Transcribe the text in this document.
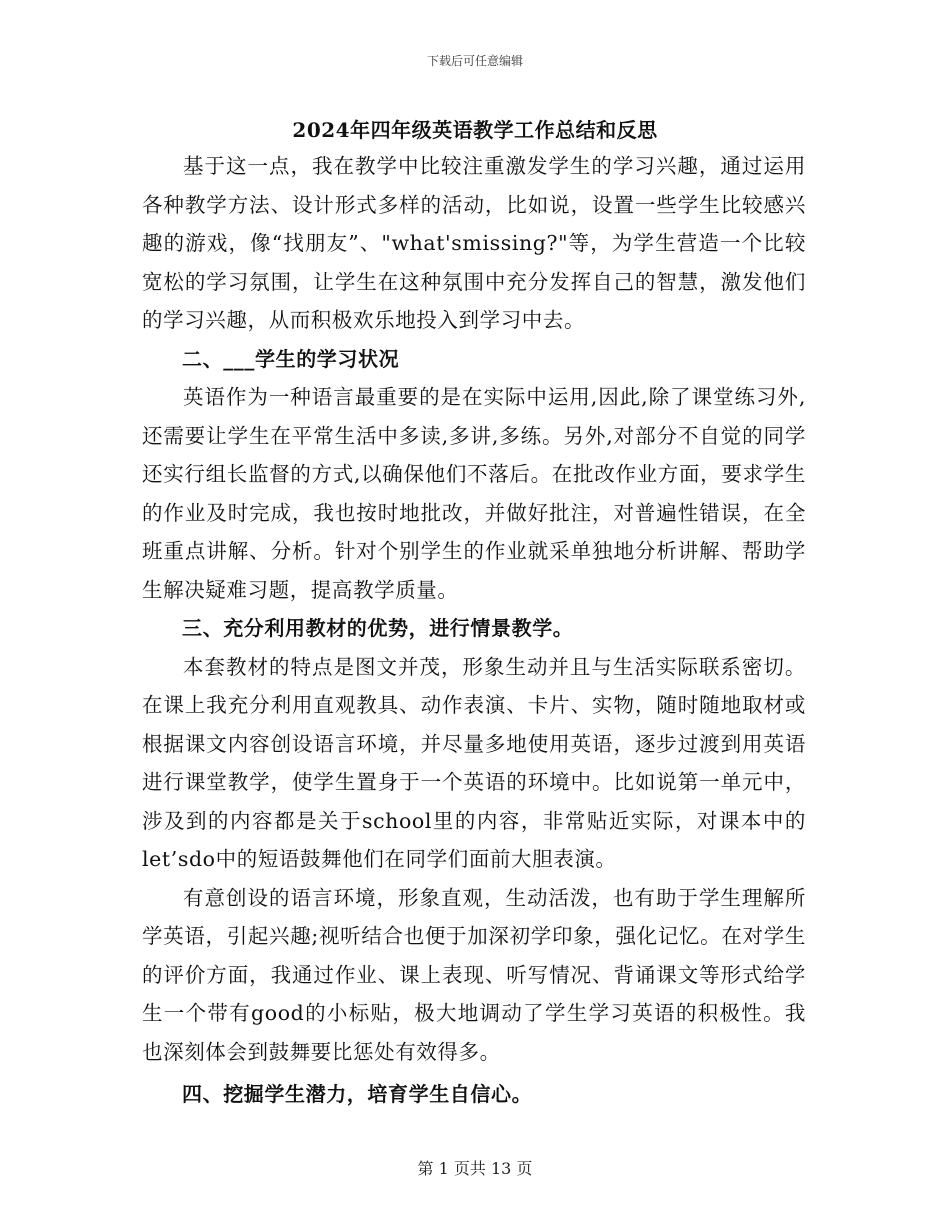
下载后可任意编辑
2024年四年级英语教学工作总结和反思

基于这一点，我在教学中比较注重激发学生的学习兴趣，通过运用各种教学方法、设计形式多样的活动，比如说，设置一些学生比较感兴趣的游戏，像“找朋友”、"what'smissing?"等，为学生营造一个比较宽松的学习氛围，让学生在这种氛围中充分发挥自己的智慧，激发他们的学习兴趣，从而积极欢乐地投入到学习中去。

二、___学生的学习状况

英语作为一种语言最重要的是在实际中运用,因此,除了课堂练习外,还需要让学生在平常生活中多读,多讲,多练。另外,对部分不自觉的同学还实行组长监督的方式,以确保他们不落后。在批改作业方面，要求学生的作业及时完成，我也按时地批改，并做好批注，对普遍性错误，在全班重点讲解、分析。针对个别学生的作业就采单独地分析讲解、帮助学生解决疑难习题，提高教学质量。

三、充分利用教材的优势，进行情景教学。

本套教材的特点是图文并茂，形象生动并且与生活实际联系密切。在课上我充分利用直观教具、动作表演、卡片、实物，随时随地取材或根据课文内容创设语言环境，并尽量多地使用英语，逐步过渡到用英语进行课堂教学，使学生置身于一个英语的环境中。比如说第一单元中，涉及到的内容都是关于school里的内容，非常贴近实际，对课本中的let’sdo中的短语鼓舞他们在同学们面前大胆表演。

有意创设的语言环境，形象直观，生动活泼，也有助于学生理解所学英语，引起兴趣;视听结合也便于加深初学印象，强化记忆。在对学生的评价方面，我通过作业、课上表现、听写情况、背诵课文等形式给学生一个带有good的小标贴，极大地调动了学生学习英语的积极性。我也深刻体会到鼓舞要比惩处有效得多。

四、挖掘学生潜力，培育学生自信心。

第 1 页共 13 页
